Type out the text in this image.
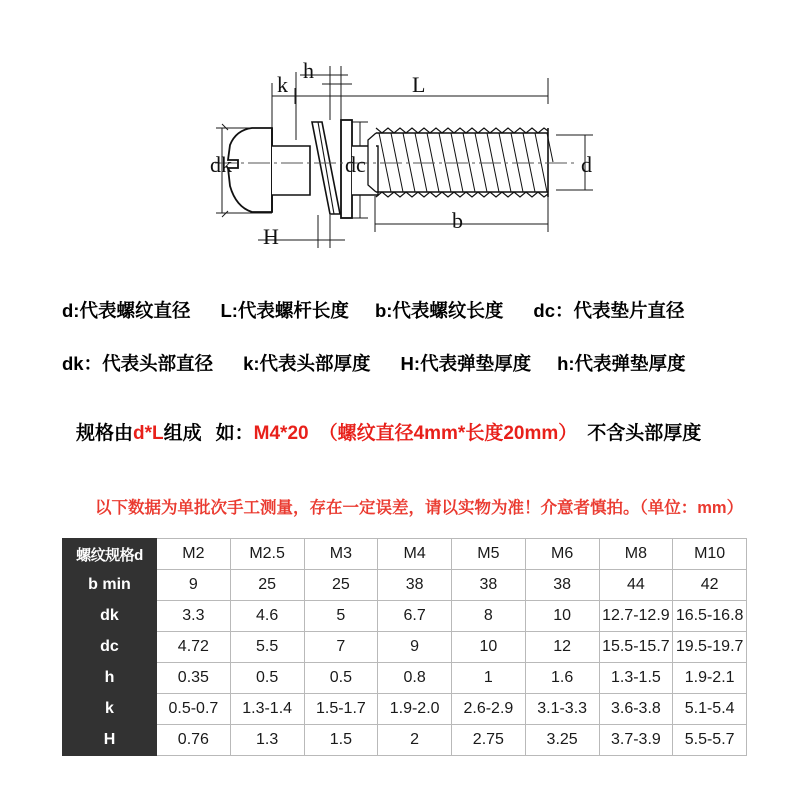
dk
k
h
H
L
b
dc	d
d:代表螺纹直径 L:代表螺杆长度 b:代表螺纹长度 dc：代表垫片直径
dk：代表头部直径 k:代表头部厚度 H:代表弹垫厚度 h:代表弹垫厚度
规格由d*L组成 如：M4*20 （螺纹直径4mm*长度20mm） 不含头部厚度
以下数据为单批次手工测量，存在一定误差，请以实物为准！介意者慎拍。（单位：mm）
螺纹规格d	M2	M2.5	M3	M4	M5	M6	M8	M10
b min	9	25	25	38	38	38	44	42
dk	3.3	4.6	5	6.7	8	10	12.7-12.9	16.5-16.8
dc	4.72	5.5	7	9	10	12	15.5-15.7	19.5-19.7
h	0.35	0.5	0.5	0.8	1	1.6	1.3-1.5	1.9-2.1
k	0.5-0.7	1.3-1.4	1.5-1.7	1.9-2.0	2.6-2.9	3.1-3.3	3.6-3.8	5.1-5.4
H	0.76	1.3	1.5	2	2.75	3.25	3.7-3.9	5.5-5.7
